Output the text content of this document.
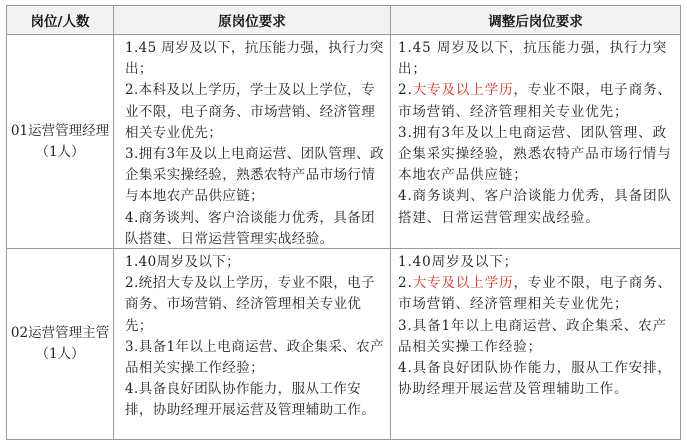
岗位/人数	原岗位要求	调整后岗位要求
01运营管理经理
（1人）
1.45 周岁及以下，抗压能力强，执行力突出；
2.本科及以上学历，学士及以上学位，专业不限，电子商务、市场营销、经济管理相关专业优先；
3.拥有3年及以上电商运营、团队管理、政企集采实操经验，熟悉农特产品市场行情与本地农产品供应链；
4.商务谈判、客户洽谈能力优秀，具备团队搭建、日常运营管理实战经验。
1.45 周岁及以下，抗压能力强，执行力突出；
2.大专及以上学历，专业不限，电子商务、市场营销、经济管理相关专业优先；
3.拥有3年及以上电商运营、团队管理、政企集采实操经验，熟悉农特产品市场行情与本地农产品供应链；
4.商务谈判、客户洽谈能力优秀，具备团队搭建、日常运营管理实战经验。
02运营管理主管
（1人）
1.40周岁及以下；
2.统招大专及以上学历，专业不限，电子商务、市场营销、经济管理相关专业优先；
3.具备1年以上电商运营、政企集采、农产品相关实操工作经验；
4.具备良好团队协作能力，服从工作安排，协助经理开展运营及管理辅助工作。
1.40周岁及以下；
2.大专及以上学历，专业不限，电子商务、市场营销、经济管理相关专业优先；
3.具备1年以上电商运营、政企集采、农产品相关实操工作经验；
4.具备良好团队协作能力，服从工作安排，协助经理开展运营及管理辅助工作。
